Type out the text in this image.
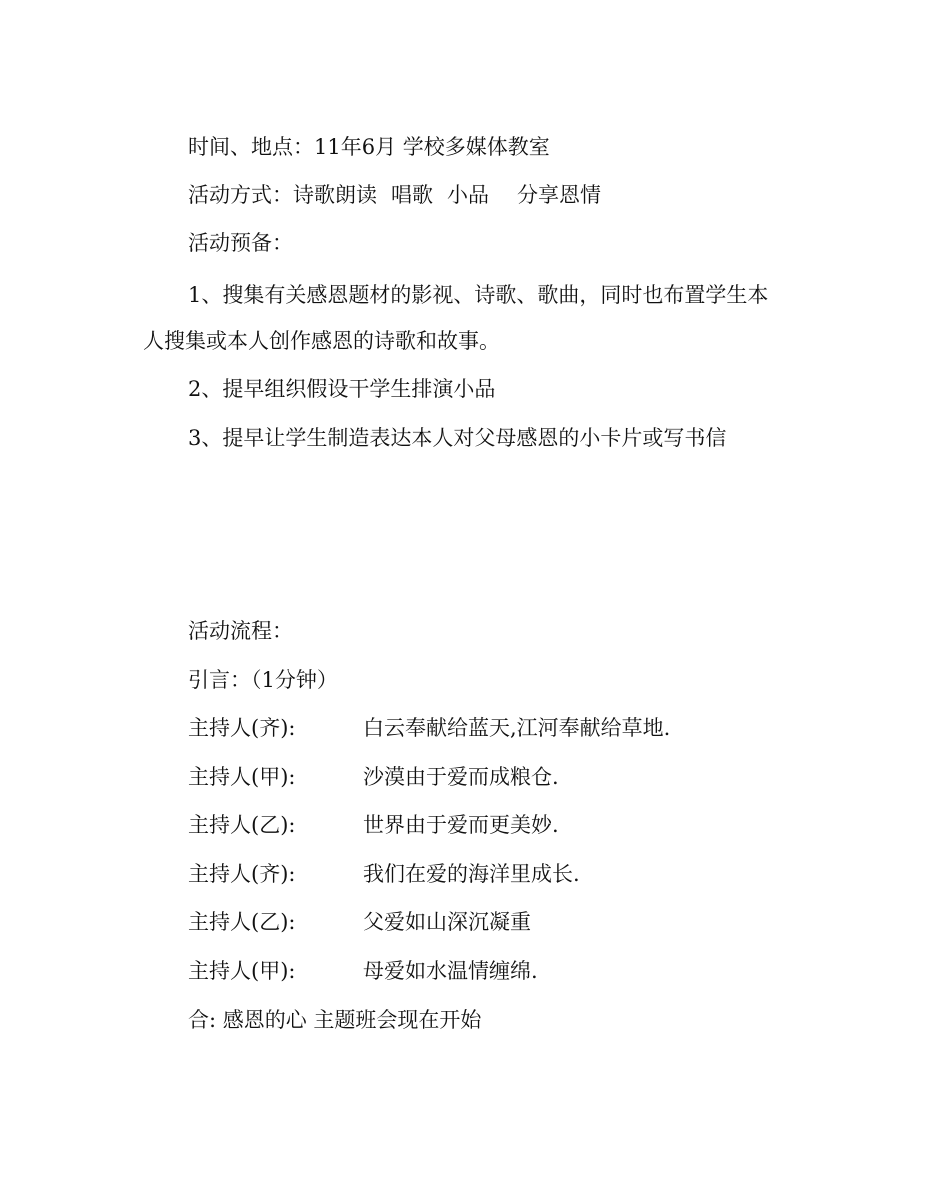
时间、地点：11年6月 学校多媒体教室
活动方式：诗歌朗读 唱歌 小品 分享恩情
活动预备：
1、搜集有关感恩题材的影视、诗歌、歌曲，同时也布置学生本
人搜集或本人创作感恩的诗歌和故事。
2、提早组织假设干学生排演小品
3、提早让学生制造表达本人对父母感恩的小卡片或写书信
活动流程：
引言：（1分钟）
主持人(齐):	白云奉献给蓝天,江河奉献给草地.
主持人(甲):	沙漠由于爱而成粮仓.
主持人(乙):	世界由于爱而更美妙.
主持人(齐):	我们在爱的海洋里成长.
主持人(乙):	父爱如山深沉凝重
主持人(甲):	母爱如水温情缠绵.
合: 感恩的心 主题班会现在开始
